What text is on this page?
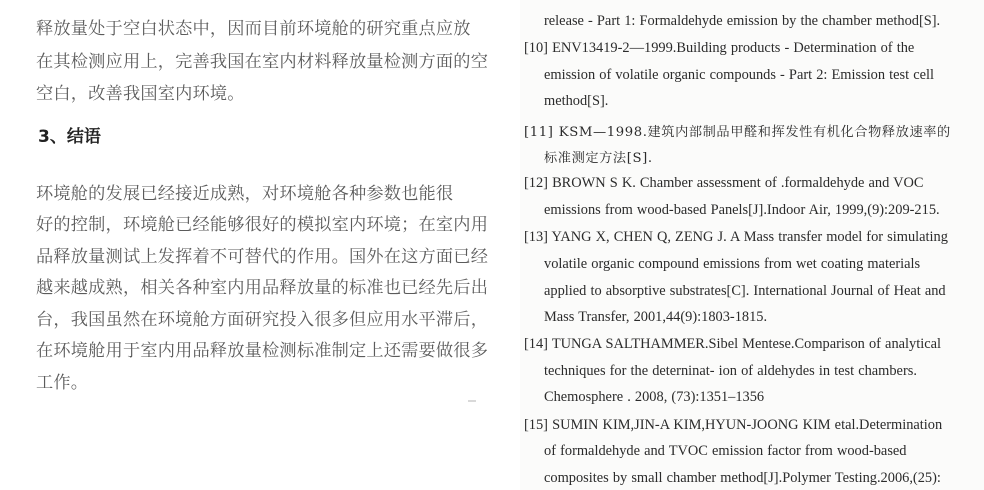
释放量处于空白状态中，因而目前环境舱的研究重点应放
在其检测应用上，完善我国在室内材料释放量检测方面的空
空白，改善我国室内环境。
3、结语
环境舱的发展已经接近成熟，对环境舱各种参数也能很
好的控制，环境舱已经能够很好的模拟室内环境；在室内用
品释放量测试上发挥着不可替代的作用。国外在这方面已经
越来越成熟，相关各种室内用品释放量的标准也已经先后出
台，我国虽然在环境舱方面研究投入很多但应用水平滞后，
在环境舱用于室内用品释放量检测标准制定上还需要做很多
工作。
release - Part 1: Formaldehyde emission by the chamber method[S].
[10] ENV13419-2—1999.Building products - Determination of the
emission of volatile organic compounds - Part 2: Emission test cell
method[S].
[11] KSM—1998.建筑内部制品甲醛和挥发性有机化合物释放速率的
标准测定方法[S].
[12] BROWN S K. Chamber assessment of .formaldehyde and VOC
emissions from wood-based Panels[J].Indoor Air, 1999,(9):209-215.
[13] YANG X, CHEN Q, ZENG J. A Mass transfer model for simulating
volatile organic compound emissions from wet coating materials
applied to absorptive substrates[C]. International Journal of Heat and
Mass Transfer, 2001,44(9):1803-1815.
[14] TUNGA SALTHAMMER.Sibel Mentese.Comparison of analytical
techniques for the deterninat- ion of aldehydes in test chambers.
Chemosphere . 2008, (73):1351–1356
[15] SUMIN KIM,JIN-A KIM,HYUN-JOONG KIM etal.Determination
of formaldehyde and TVOC emission factor from wood-based
composites by small chamber method[J].Polymer Testing.2006,(25):
